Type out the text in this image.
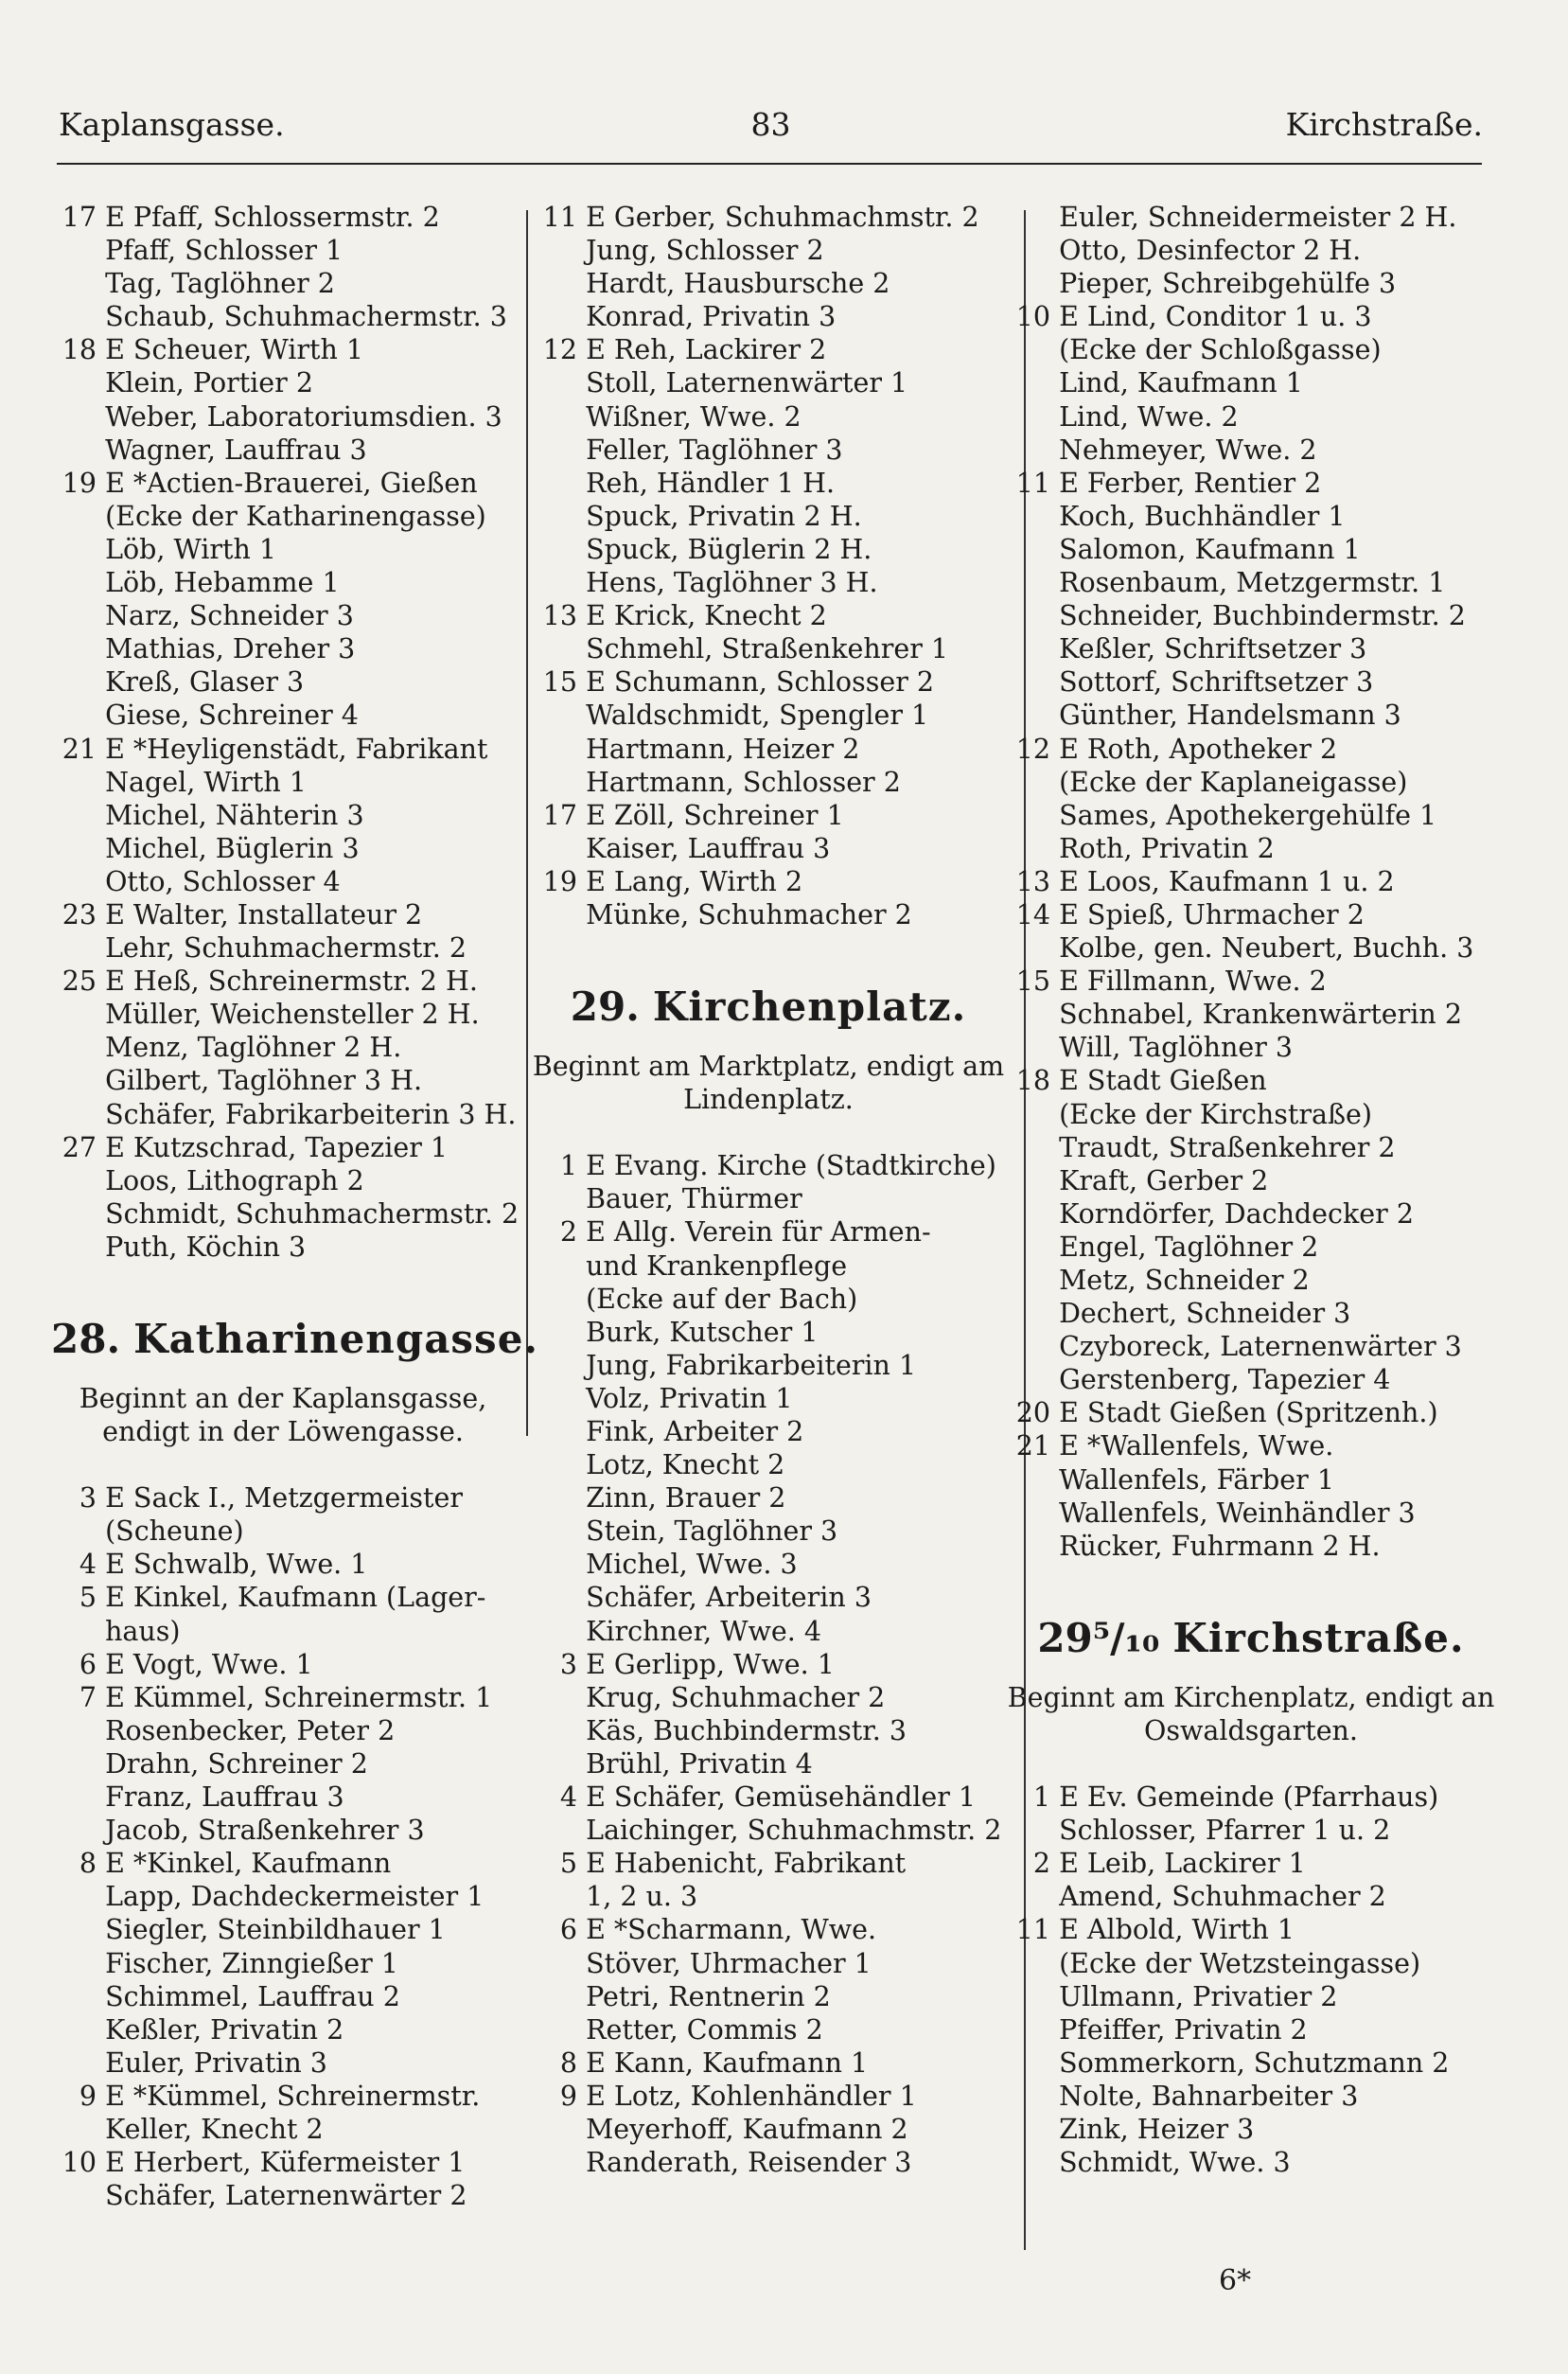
Kaplansgasse.	83	Kirchstraße.
17 E Pfaff, Schlossermstr. 2
Pfaff, Schlosser 1
Tag, Taglöhner 2
Schaub, Schuhmachermstr. 3
18 E Scheuer, Wirth 1
Klein, Portier 2
Weber, Laboratoriumsdien. 3
Wagner, Lauffrau 3
19 E *Actien-Brauerei, Gießen
(Ecke der Katharinengasse)
Löb, Wirth 1
Löb, Hebamme 1
Narz, Schneider 3
Mathias, Dreher 3
Kreß, Glaser 3
Giese, Schreiner 4
21 E *Heyligenstädt, Fabrikant
Nagel, Wirth 1
Michel, Nähterin 3
Michel, Büglerin 3
Otto, Schlosser 4
23 E Walter, Installateur 2
Lehr, Schuhmachermstr. 2
25 E Heß, Schreinermstr. 2 H.
Müller, Weichensteller 2 H.
Menz, Taglöhner 2 H.
Gilbert, Taglöhner 3 H.
Schäfer, Fabrikarbeiterin 3 H.
27 E Kutzschrad, Tapezier 1
Loos, Lithograph 2
Schmidt, Schuhmachermstr. 2
Puth, Köchin 3
28. Katharinengasse.
Beginnt an der Kaplansgasse, endigt in der Löwengasse.
3 E Sack I., Metzgermeister
(Scheune)
4 E Schwalb, Wwe. 1
5 E Kinkel, Kaufmann (Lager-
haus)
6 E Vogt, Wwe. 1
7 E Kümmel, Schreinermstr. 1
Rosenbecker, Peter 2
Drahn, Schreiner 2
Franz, Lauffrau 3
Jacob, Straßenkehrer 3
8 E *Kinkel, Kaufmann
Lapp, Dachdeckermeister 1
Siegler, Steinbildhauer 1
Fischer, Zinngießer 1
Schimmel, Lauffrau 2
Keßler, Privatin 2
Euler, Privatin 3
9 E *Kümmel, Schreinermstr.
Keller, Knecht 2
10 E Herbert, Küfermeister 1
Schäfer, Laternenwärter 2
11 E Gerber, Schuhmachmstr. 2
Jung, Schlosser 2
Hardt, Hausbursche 2
Konrad, Privatin 3
12 E Reh, Lackirer 2
Stoll, Laternenwärter 1
Wißner, Wwe. 2
Feller, Taglöhner 3
Reh, Händler 1 H.
Spuck, Privatin 2 H.
Spuck, Büglerin 2 H.
Hens, Taglöhner 3 H.
13 E Krick, Knecht 2
Schmehl, Straßenkehrer 1
15 E Schumann, Schlosser 2
Waldschmidt, Spengler 1
Hartmann, Heizer 2
Hartmann, Schlosser 2
17 E Zöll, Schreiner 1
Kaiser, Lauffrau 3
19 E Lang, Wirth 2
Münke, Schuhmacher 2
29. Kirchenplatz.
Beginnt am Marktplatz, endigt am Lindenplatz.
1 E Evang. Kirche (Stadtkirche)
Bauer, Thürmer
2 E Allg. Verein für Armen-
und Krankenpflege
(Ecke auf der Bach)
Burk, Kutscher 1
Jung, Fabrikarbeiterin 1
Volz, Privatin 1
Fink, Arbeiter 2
Lotz, Knecht 2
Zinn, Brauer 2
Stein, Taglöhner 3
Michel, Wwe. 3
Schäfer, Arbeiterin 3
Kirchner, Wwe. 4
3 E Gerlipp, Wwe. 1
Krug, Schuhmacher 2
Käs, Buchbindermstr. 3
Brühl, Privatin 4
4 E Schäfer, Gemüsehändler 1
Laichinger, Schuhmachmstr. 2
5 E Habenicht, Fabrikant
1, 2 u. 3
6 E *Scharmann, Wwe.
Stöver, Uhrmacher 1
Petri, Rentnerin 2
Retter, Commis 2
8 E Kann, Kaufmann 1
9 E Lotz, Kohlenhändler 1
Meyerhoff, Kaufmann 2
Randerath, Reisender 3
Euler, Schneidermeister 2 H.
Otto, Desinfector 2 H.
Pieper, Schreibgehülfe 3
10 E Lind, Conditor 1 u. 3
(Ecke der Schloßgasse)
Lind, Kaufmann 1
Lind, Wwe. 2
Nehmeyer, Wwe. 2
11 E Ferber, Rentier 2
Koch, Buchhändler 1
Salomon, Kaufmann 1
Rosenbaum, Metzgermstr. 1
Schneider, Buchbindermstr. 2
Keßler, Schriftsetzer 3
Sottorf, Schriftsetzer 3
Günther, Handelsmann 3
12 E Roth, Apotheker 2
(Ecke der Kaplaneigasse)
Sames, Apothekergehülfe 1
Roth, Privatin 2
13 E Loos, Kaufmann 1 u. 2
14 E Spieß, Uhrmacher 2
Kolbe, gen. Neubert, Buchh. 3
15 E Fillmann, Wwe. 2
Schnabel, Krankenwärterin 2
Will, Taglöhner 3
18 E Stadt Gießen
(Ecke der Kirchstraße)
Traudt, Straßenkehrer 2
Kraft, Gerber 2
Korndörfer, Dachdecker 2
Engel, Taglöhner 2
Metz, Schneider 2
Dechert, Schneider 3
Czyboreck, Laternenwärter 3
Gerstenberg, Tapezier 4
20 E Stadt Gießen (Spritzenh.)
21 E *Wallenfels, Wwe.
Wallenfels, Färber 1
Wallenfels, Weinhändler 3
Rücker, Fuhrmann 2 H.
29⁵/₁₀ Kirchstraße.
Beginnt am Kirchenplatz, endigt an Oswaldsgarten.
1 E Ev. Gemeinde (Pfarrhaus)
Schlosser, Pfarrer 1 u. 2
2 E Leib, Lackirer 1
Amend, Schuhmacher 2
11 E Albold, Wirth 1
(Ecke der Wetzsteingasse)
Ullmann, Privatier 2
Pfeiffer, Privatin 2
Sommerkorn, Schutzmann 2
Nolte, Bahnarbeiter 3
Zink, Heizer 3
Schmidt, Wwe. 3
6*
